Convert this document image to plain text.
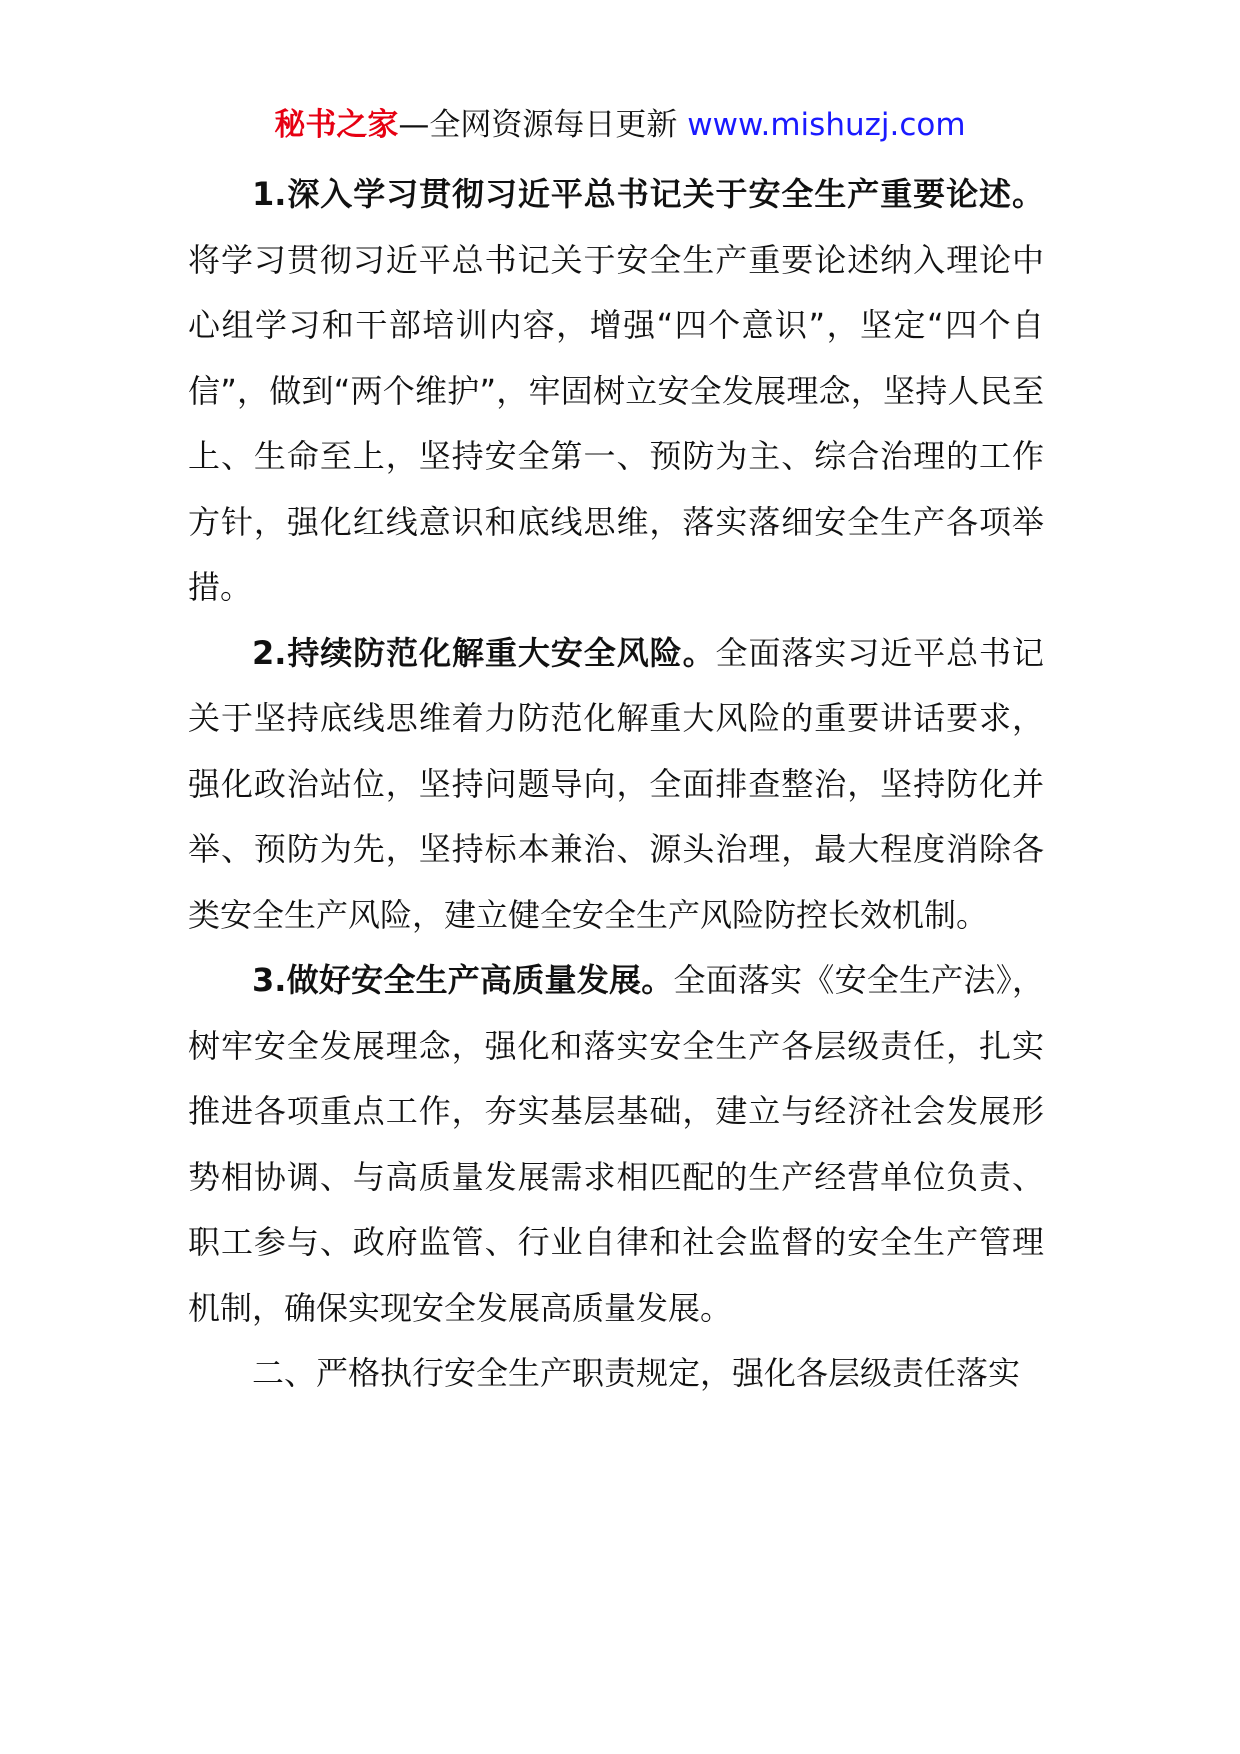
秘书之家—全网资源每日更新 www.mishuzj.com

1.深入学习贯彻习近平总书记关于安全生产重要论述。将学习贯彻习近平总书记关于安全生产重要论述纳入理论中心组学习和干部培训内容，增强“四个意识”，坚定“四个自信”，做到“两个维护”，牢固树立安全发展理念，坚持人民至上、生命至上，坚持安全第一、预防为主、综合治理的工作方针，强化红线意识和底线思维，落实落细安全生产各项举措。

2.持续防范化解重大安全风险。全面落实习近平总书记关于坚持底线思维着力防范化解重大风险的重要讲话要求，强化政治站位，坚持问题导向，全面排查整治，坚持防化并举、预防为先，坚持标本兼治、源头治理，最大程度消除各类安全生产风险，建立健全安全生产风险防控长效机制。

3.做好安全生产高质量发展。全面落实《安全生产法》，树牢安全发展理念，强化和落实安全生产各层级责任，扎实推进各项重点工作，夯实基层基础，建立与经济社会发展形势相协调、与高质量发展需求相匹配的生产经营单位负责、职工参与、政府监管、行业自律和社会监督的安全生产管理机制，确保实现安全发展高质量发展。

二、严格执行安全生产职责规定，强化各层级责任落实
